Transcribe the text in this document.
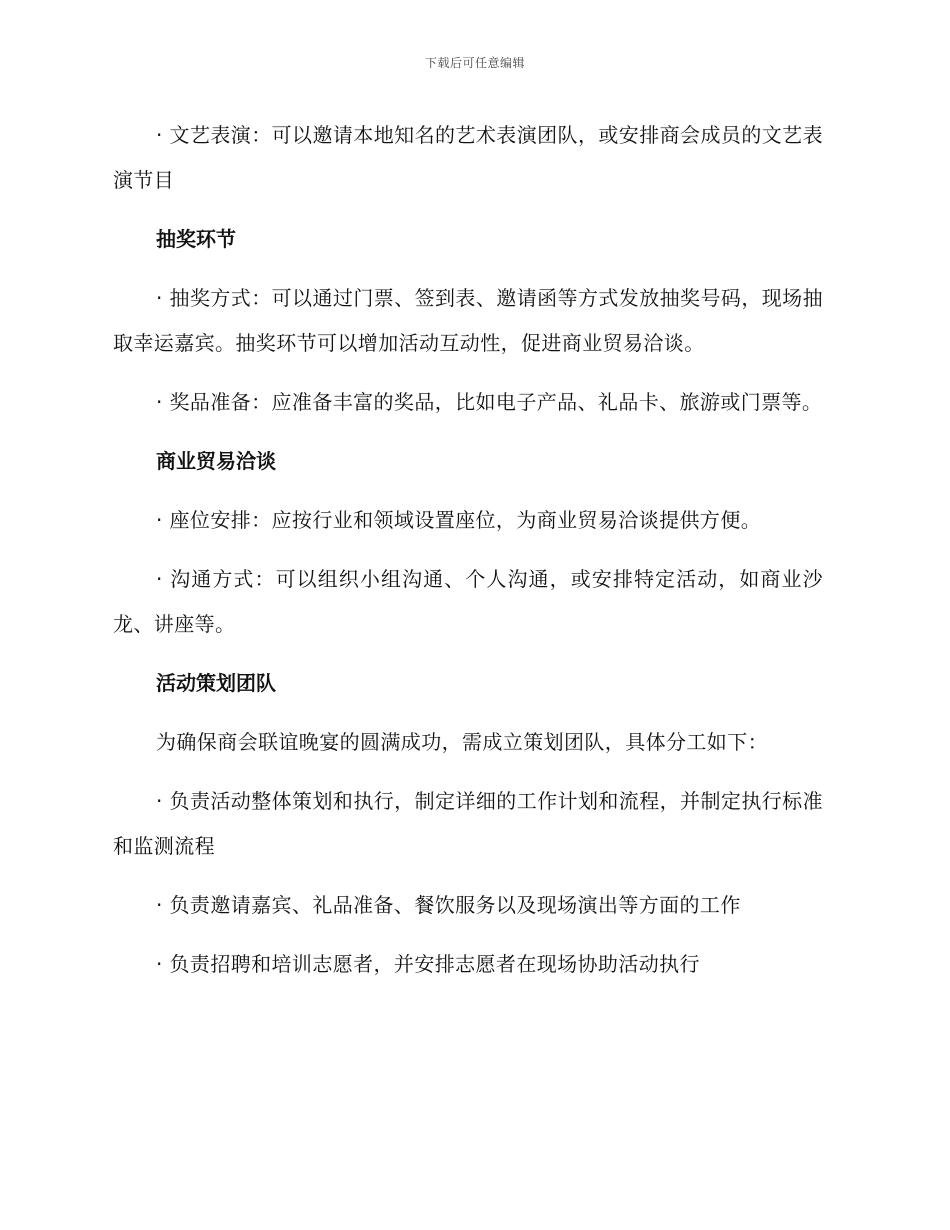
下载后可任意编辑

· 文艺表演：可以邀请本地知名的艺术表演团队，或安排商会成员的文艺表演节目

抽奖环节

· 抽奖方式：可以通过门票、签到表、邀请函等方式发放抽奖号码，现场抽取幸运嘉宾。抽奖环节可以增加活动互动性，促进商业贸易洽谈。

· 奖品准备：应准备丰富的奖品，比如电子产品、礼品卡、旅游或门票等。

商业贸易洽谈

· 座位安排：应按行业和领域设置座位，为商业贸易洽谈提供方便。

· 沟通方式：可以组织小组沟通、个人沟通，或安排特定活动，如商业沙龙、讲座等。

活动策划团队

为确保商会联谊晚宴的圆满成功，需成立策划团队，具体分工如下：

· 负责活动整体策划和执行，制定详细的工作计划和流程，并制定执行标准和监测流程

· 负责邀请嘉宾、礼品准备、餐饮服务以及现场演出等方面的工作

· 负责招聘和培训志愿者，并安排志愿者在现场协助活动执行
